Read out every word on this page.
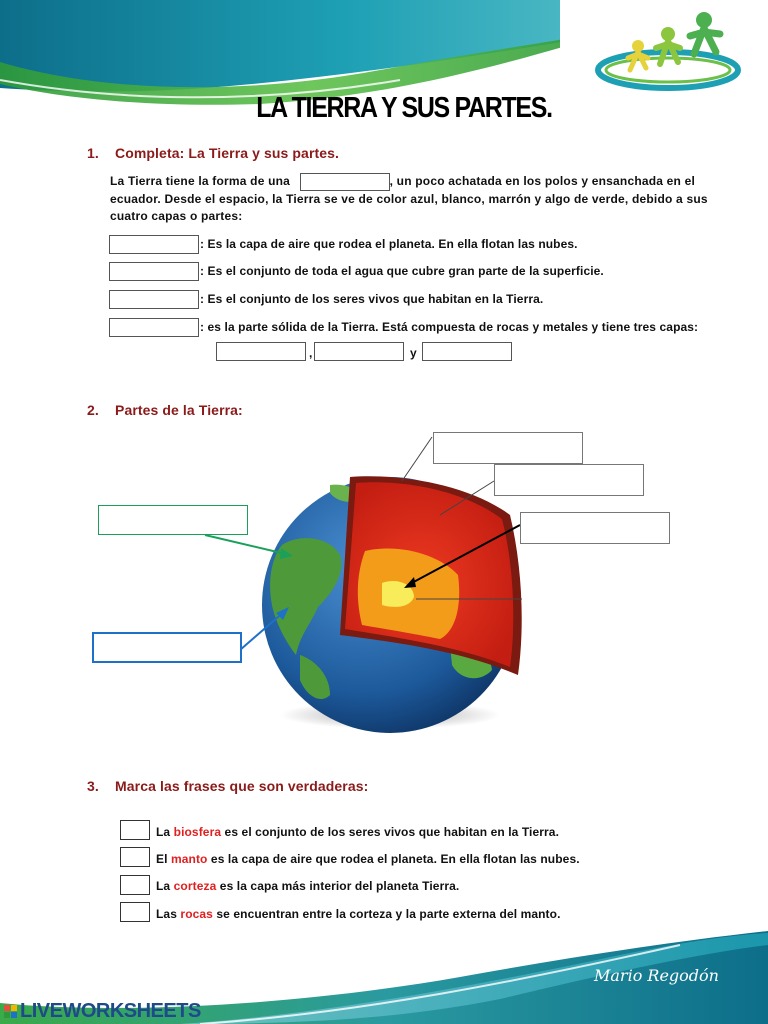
LA TIERRA Y SUS PARTES.
1. Completa: La Tierra y sus partes.
La Tierra tiene la forma de una	, un poco achatada en los polos y ensanchada en el
ecuador. Desde el espacio, la Tierra se ve de color azul, blanco, marrón y algo de verde, debido a sus
cuatro capas o partes:
: Es la capa de aire que rodea el planeta. En ella flotan las nubes.
: Es el conjunto de toda el agua que cubre gran parte de la superficie.
: Es el conjunto de los seres vivos que habitan en la Tierra.
: es la parte sólida de la Tierra. Está compuesta de rocas y metales y tiene tres capas:
,	y
2. Partes de la Tierra:
3. Marca las frases que son verdaderas:
La biosfera es el conjunto de los seres vivos que habitan en la Tierra.
El manto es la capa de aire que rodea el planeta. En ella flotan las nubes.
La corteza es la capa más interior del planeta Tierra.
Las rocas se encuentran entre la corteza y la parte externa del manto.
Mario Regodón
LIVEWORKSHEETS
